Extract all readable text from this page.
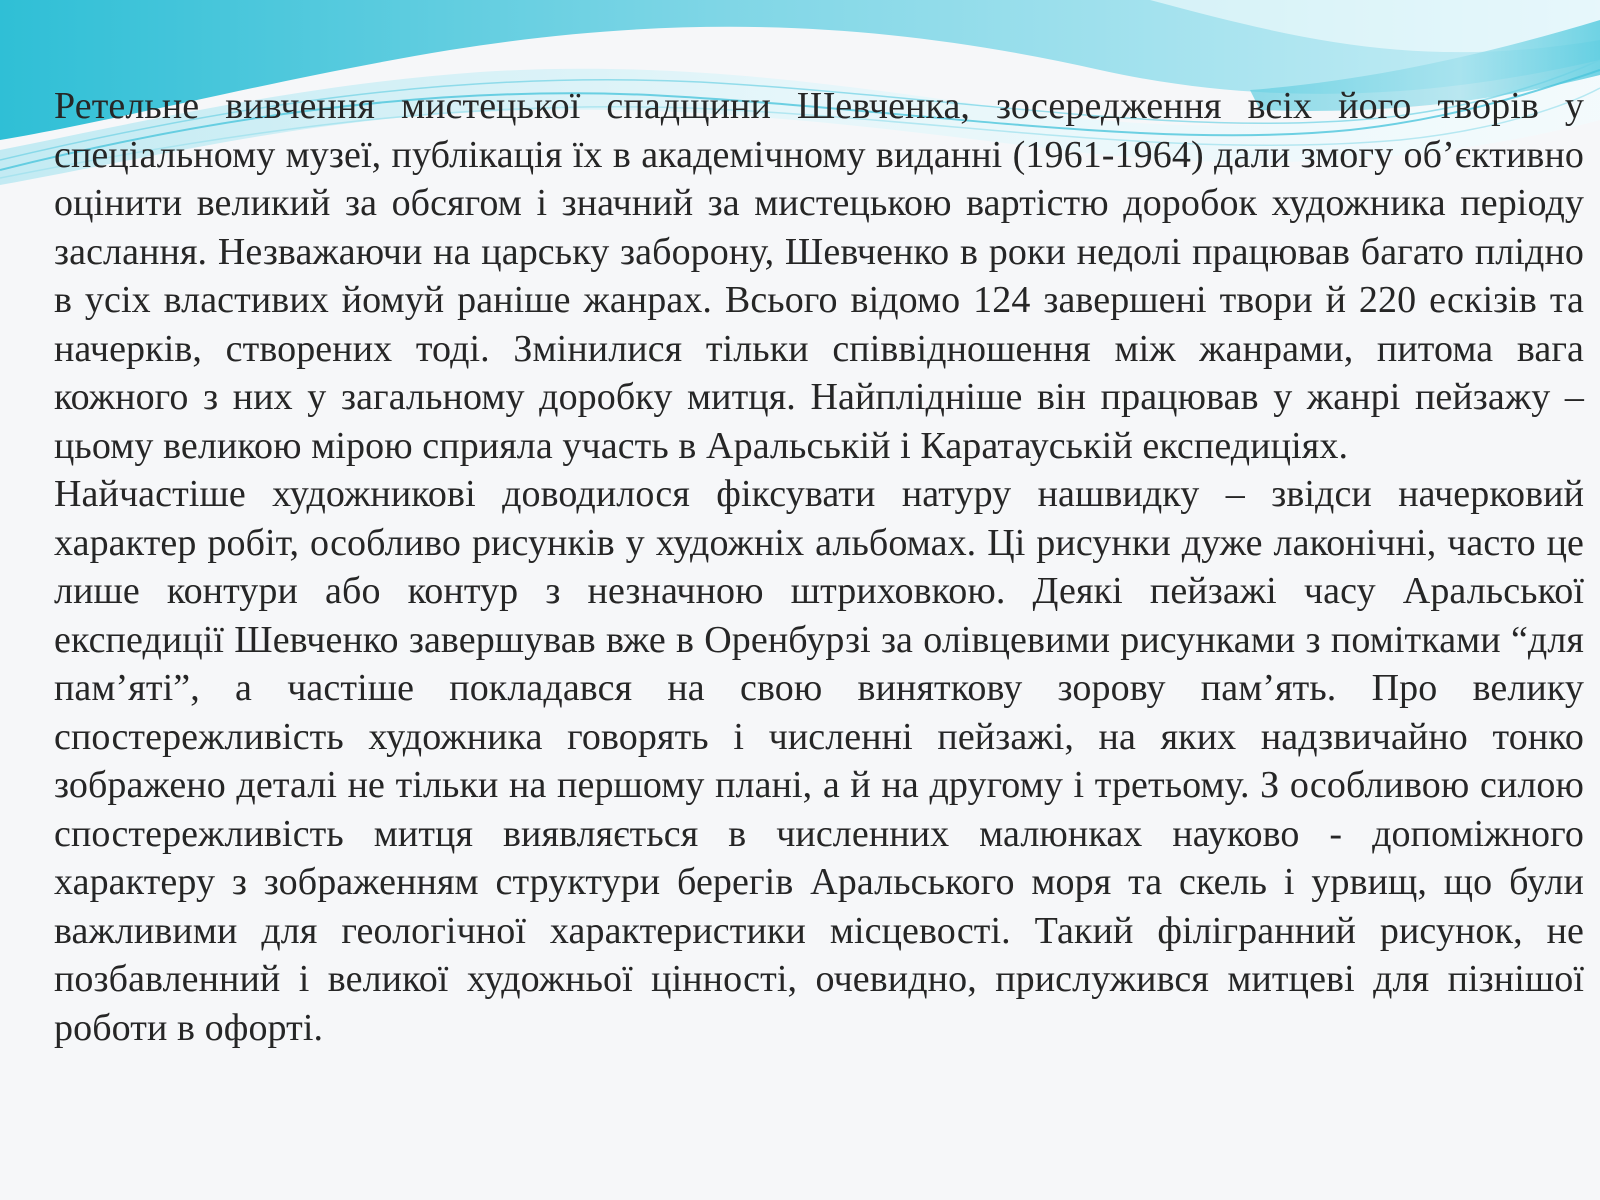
Ретельне вивчення мистецької спадщини Шевченка, зосередження всіх його творів у спеціальному музеї, публікація їх в академічному виданні (1961-1964) дали змогу об’єктивно оцінити великий за обсягом і значний за мистецькою вартістю доробок художника періоду заслання. Незважаючи на царську заборону, Шевченко в роки недолі працював багато плідно в усіх властивих йомуй раніше жанрах. Всього відомо 124 завершені твори й 220 ескізів та начерків, створених тоді. Змінилися тільки співвідношення між жанрами, питома вага кожного з них у загальному доробку митця. Найплідніше він працював у жанрі пейзажу – цьому великою мірою сприяла участь в Аральській і Каратауській експедиціях.

Найчастіше художникові доводилося фіксувати натуру нашвидку – звідси начерковий характер робіт, особливо рисунків у художніх альбомах. Ці рисунки дуже лаконічні, часто це лише контури або контур з незначною штриховкою. Деякі пейзажі часу Аральської експедиції Шевченко завершував вже в Оренбурзі за олівцевими рисунками з помітками “для пам’яті”, а частіше покладався на свою виняткову зорову пам’ять. Про велику спостережливість художника говорять і численні пейзажі, на яких надзвичайно тонко зображено деталі не тільки на першому плані, а й на другому і третьому. З особливою силою спостережливість митця виявляється в численних малюнках науково - допоміжного характеру з зображенням структури берегів Аральського моря та скель і урвищ, що були важливими для геологічної характеристики місцевості. Такий філігранний рисунок, не позбавленний і великої художньої цінності, очевидно, прислужився митцеві для пізнішої роботи в офорті.
